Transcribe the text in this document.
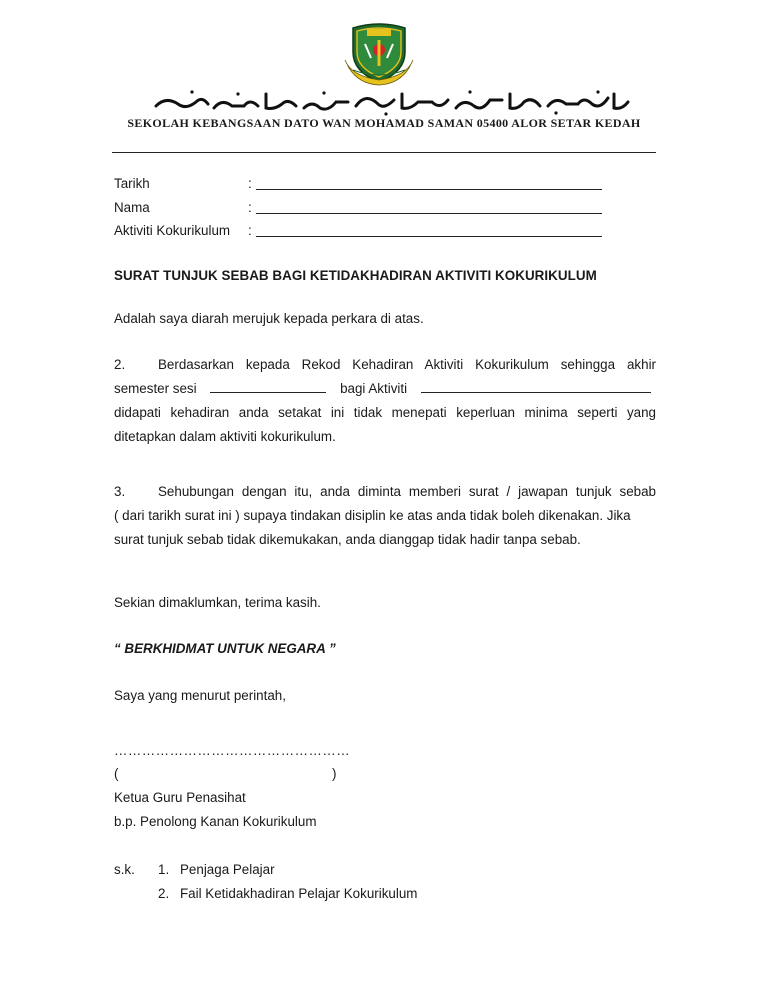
SEKOLAH KEBANGSAAN DATO WAN MOHAMAD SAMAN 05400 ALOR SETAR KEDAH
Tarikh	:
Nama	:
Aktiviti Kokurikulum :
SURAT TUNJUK SEBAB BAGI KETIDAKHADIRAN AKTIVITI KOKURIKULUM
Adalah saya diarah merujuk kepada perkara di atas.
2. Berdasarkan kepada Rekod Kehadiran Aktiviti Kokurikulum sehingga akhir
semester sesi	bagi Aktiviti
didapati kehadiran anda setakat ini tidak menepati keperluan minima seperti yang
ditetapkan dalam aktiviti kokurikulum.
3. Sehubungan dengan itu, anda diminta memberi surat / jawapan tunjuk sebab
( dari tarikh surat ini ) supaya tindakan disiplin ke atas anda tidak boleh dikenakan. Jika
surat tunjuk sebab tidak dikemukakan, anda dianggap tidak hadir tanpa sebab.
Sekian dimaklumkan, terima kasih.
“ BERKHIDMAT UNTUK NEGARA ”
Saya yang menurut perintah,
……………………………………………
(	)
Ketua Guru Penasihat
b.p. Penolong Kanan Kokurikulum
s.k. 1. Penjaga Pelajar
2. Fail Ketidakhadiran Pelajar Kokurikulum
